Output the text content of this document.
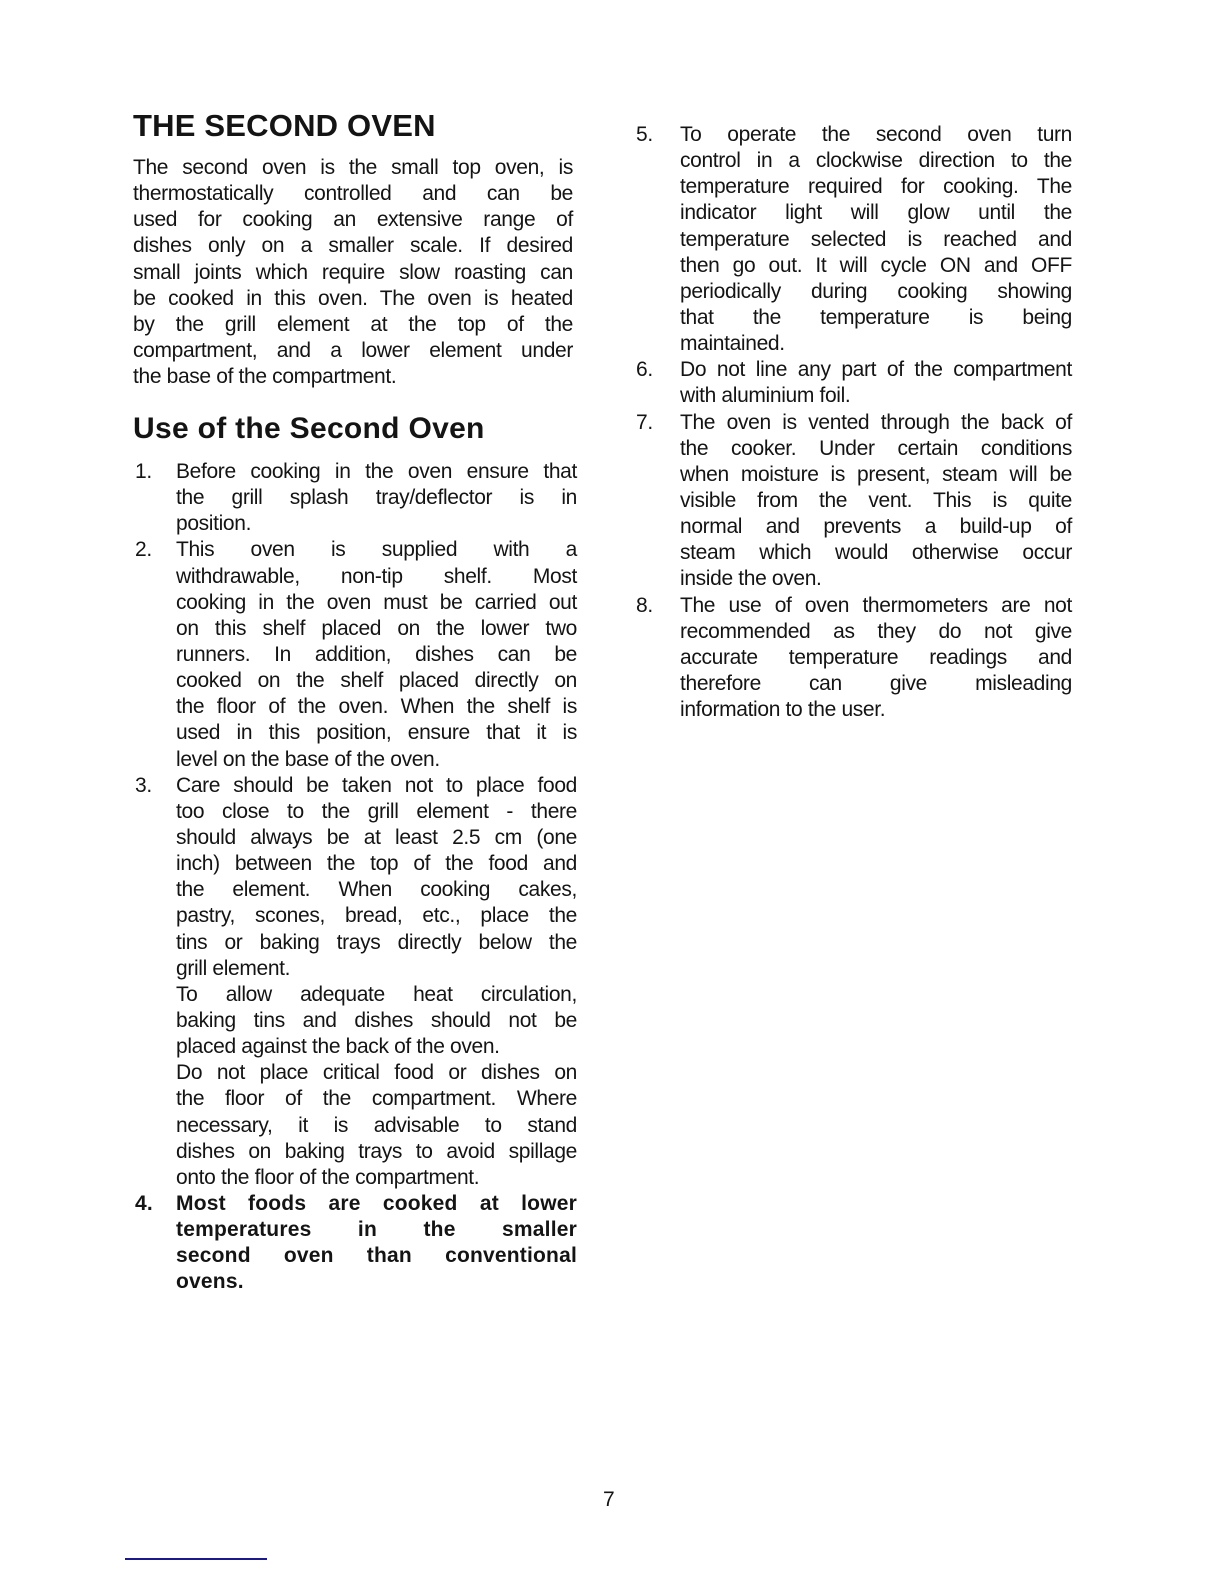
THE SECOND OVEN
The second oven is the small top oven, is
thermostatically controlled and can be
used for cooking an extensive range of
dishes only on a smaller scale. If desired
small joints which require slow roasting can
be cooked in this oven. The oven is heated
by the grill element at the top of the
compartment, and a lower element under
the base of the compartment.
Use of the Second Oven
1. Before cooking in the oven ensure that
the grill splash tray/deflector is in
position.
2. This oven is supplied with a
withdrawable, non-tip shelf. Most
cooking in the oven must be carried out
on this shelf placed on the lower two
runners. In addition, dishes can be
cooked on the shelf placed directly on
the floor of the oven. When the shelf is
used in this position, ensure that it is
level on the base of the oven.
3. Care should be taken not to place food
too close to the grill element - there
should always be at least 2.5 cm (one
inch) between the top of the food and
the element. When cooking cakes,
pastry, scones, bread, etc., place the
tins or baking trays directly below the
grill element.
To allow adequate heat circulation,
baking tins and dishes should not be
placed against the back of the oven.
Do not place critical food or dishes on
the floor of the compartment. Where
necessary, it is advisable to stand
dishes on baking trays to avoid spillage
onto the floor of the compartment.
4. Most foods are cooked at lower
temperatures in the smaller
second oven than conventional
ovens.
5. To operate the second oven turn
control in a clockwise direction to the
temperature required for cooking. The
indicator light will glow until the
temperature selected is reached and
then go out. It will cycle ON and OFF
periodically during cooking showing
that the temperature is being
maintained.
6. Do not line any part of the compartment
with aluminium foil.
7. The oven is vented through the back of
the cooker. Under certain conditions
when moisture is present, steam will be
visible from the vent. This is quite
normal and prevents a build-up of
steam which would otherwise occur
inside the oven.
8. The use of oven thermometers are not
recommended as they do not give
accurate temperature readings and
therefore can give misleading
information to the user.
7
